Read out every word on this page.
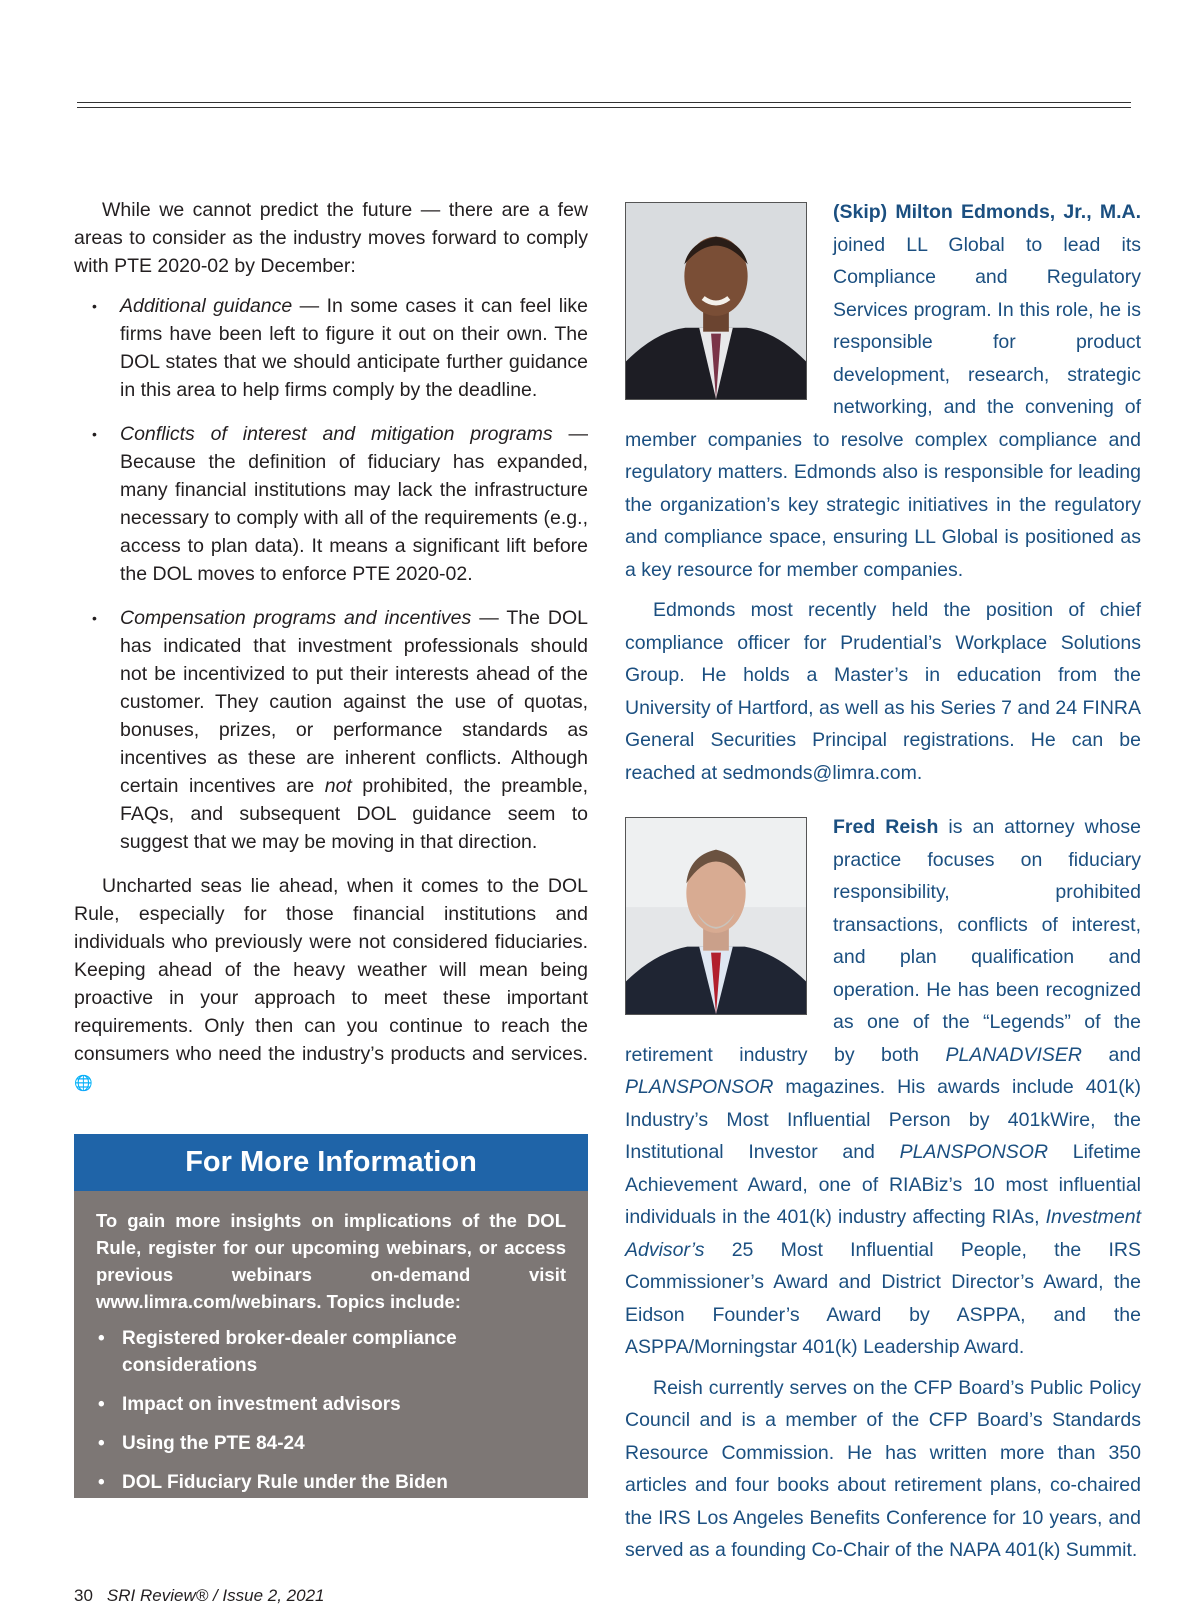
While we cannot predict the future — there are a few areas to consider as the industry moves forward to comply with PTE 2020-02 by December:

• Additional guidance — In some cases it can feel like firms have been left to figure it out on their own. The DOL states that we should anticipate further guidance in this area to help firms comply by the deadline.
• Conflicts of interest and mitigation programs — Because the definition of fiduciary has expanded, many financial institutions may lack the infrastructure necessary to comply with all of the requirements (e.g., access to plan data). It means a significant lift before the DOL moves to enforce PTE 2020-02.
• Compensation programs and incentives — The DOL has indicated that investment professionals should not be incentivized to put their interests ahead of the customer. They caution against the use of quotas, bonuses, prizes, or performance standards as incentives as these are inherent conflicts. Although certain incentives are not prohibited, the preamble, FAQs, and subsequent DOL guidance seem to suggest that we may be moving in that direction.

Uncharted seas lie ahead, when it comes to the DOL Rule, especially for those financial institutions and individuals who previously were not considered fiduciaries. Keeping ahead of the heavy weather will mean being proactive in your approach to meet these important requirements. Only then can you continue to reach the consumers who need the industry’s products and services. 🌐

For More Information

To gain more insights on implications of the DOL Rule, register for our upcoming webinars, or access previous webinars on-demand visit www.limra.com/webinars. Topics include:

• Registered broker-dealer compliance considerations
• Impact on investment advisors
• Using the PTE 84-24
• DOL Fiduciary Rule under the Biden administration
30 SRI Review® / Issue 2, 2021

(Skip) Milton Edmonds, Jr., M.A. joined LL Global to lead its Compliance and Regulatory Services program. In this role, he is responsible for product development, research, strategic networking, and the convening of member companies to resolve complex compliance and regulatory matters. Edmonds also is responsible for leading the organization’s key strategic initiatives in the regulatory and compliance space, ensuring LL Global is positioned as a key resource for member companies.

Edmonds most recently held the position of chief compliance officer for Prudential’s Workplace Solutions Group. He holds a Master’s in education from the University of Hartford, as well as his Series 7 and 24 FINRA General Securities Principal registrations. He can be reached at sedmonds@limra.com.

Fred Reish is an attorney whose practice focuses on fiduciary responsibility, prohibited transactions, conflicts of interest, and plan qualification and operation. He has been recognized as one of the “Legends” of the retirement industry by both PLANADVISER and PLANSPONSOR magazines. His awards include 401(k) Industry’s Most Influential Person by 401kWire, the Institutional Investor and PLANSPONSOR Lifetime Achievement Award, one of RIABiz’s 10 most influential individuals in the 401(k) industry affecting RIAs, Investment Advisor’s 25 Most Influential People, the IRS Commissioner’s Award and District Director’s Award, the Eidson Founder’s Award by ASPPA, and the ASPPA/Morningstar 401(k) Leadership Award.

Reish currently serves on the CFP Board’s Public Policy Council and is a member of the CFP Board’s Standards Resource Commission. He has written more than 350 articles and four books about retirement plans, co-chaired the IRS Los Angeles Benefits Conference for 10 years, and served as a founding Co-Chair of the NAPA 401(k) Summit.
